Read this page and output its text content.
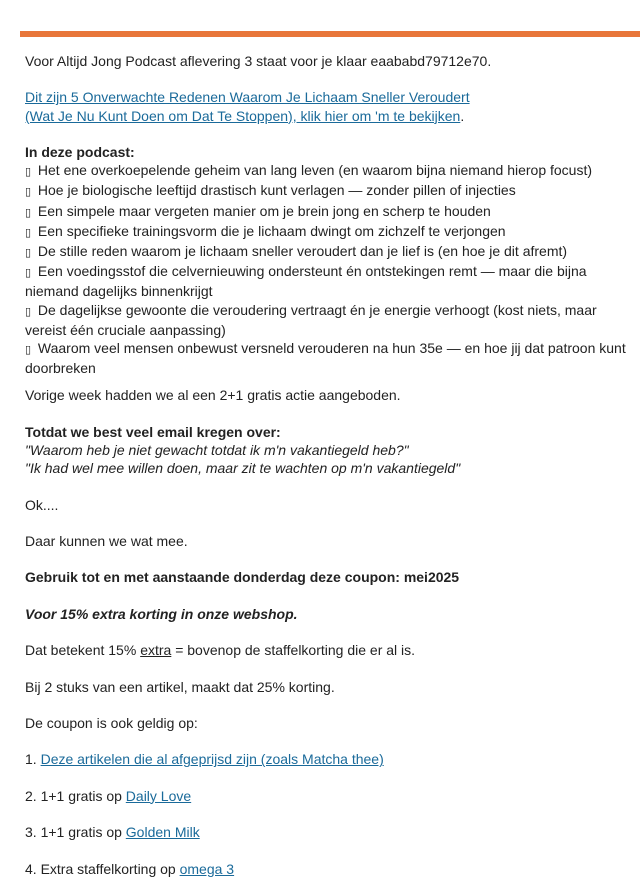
Voor Altijd Jong Podcast aflevering 3 staat voor je klaar eaababd79712e70.

Dit zijn 5 Onverwachte Redenen Waarom Je Lichaam Sneller Veroudert
(Wat Je Nu Kunt Doen om Dat Te Stoppen), klik hier om 'm te bekijken.

In deze podcast:

▯ Het ene overkoepelende geheim van lang leven (en waarom bijna niemand hierop focust)
▯ Hoe je biologische leeftijd drastisch kunt verlagen — zonder pillen of injecties
▯ Een simpele maar vergeten manier om je brein jong en scherp te houden
▯ Een specifieke trainingsvorm die je lichaam dwingt om zichzelf te verjongen
▯ De stille reden waarom je lichaam sneller veroudert dan je lief is (en hoe je dit afremt)
▯ Een voedingsstof die celvernieuwing ondersteunt én ontstekingen remt — maar die bijna niemand dagelijks binnenkrijgt
▯ De dagelijkse gewoonte die veroudering vertraagt én je energie verhoogt (kost niets, maar vereist één cruciale aanpassing)
▯ Waarom veel mensen onbewust versneld verouderen na hun 35e — en hoe jij dat patroon kunt doorbreken

Vorige week hadden we al een 2+1 gratis actie aangeboden.

Totdat we best veel email kregen over:

"Waarom heb je niet gewacht totdat ik m'n vakantiegeld heb?"

"Ik had wel mee willen doen, maar zit te wachten op m'n vakantiegeld"

Ok....

Daar kunnen we wat mee.

Gebruik tot en met aanstaande donderdag deze coupon: mei2025

Voor 15% extra korting in onze webshop.

Dat betekent 15% extra = bovenop de staffelkorting die er al is.

Bij 2 stuks van een artikel, maakt dat 25% korting.

De coupon is ook geldig op:

1. Deze artikelen die al afgeprijsd zijn (zoals Matcha thee)

2. 1+1 gratis op Daily Love

3. 1+1 gratis op Golden Milk

4. Extra staffelkorting op omega 3
